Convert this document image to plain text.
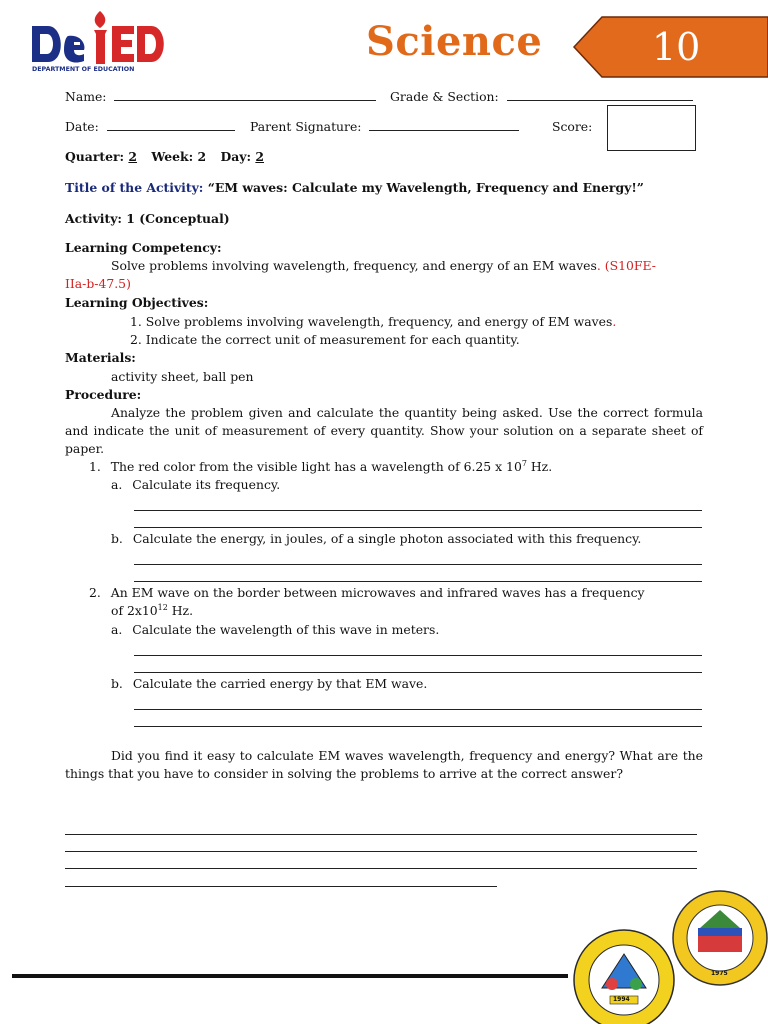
DEPARTMENT OF EDUCATION
Science	10
Name:	Grade & Section:
Date:	Parent Signature:	Score:
Quarter: 2 Week: 2 Day: 2
Title of the Activity: “EM waves: Calculate my Wavelength, Frequency and Energy!”
Activity: 1 (Conceptual)
Learning Competency:
Solve problems involving wavelength, frequency, and energy of an EM waves. (S10FE-
IIa-b-47.5)
Learning Objectives:
1. Solve problems involving wavelength, frequency, and energy of EM waves.
2. Indicate the correct unit of measurement for each quantity.
Materials:
activity sheet, ball pen
Procedure:
Analyze the problem given and calculate the quantity being asked. Use the correct formula and indicate the unit of measurement of every quantity. Show your solution on a separate sheet of paper.
1. The red color from the visible light has a wavelength of 6.25 x $10^7$ Hz.
a. Calculate its frequency.
b. Calculate the energy, in joules, of a single photon associated with this frequency.
2. An EM wave on the border between microwaves and infrared waves has a frequency
of $2x10^{12}$ Hz.
a. Calculate the wavelength of this wave in meters.
b. Calculate the carried energy by that EM wave.
Did you find it easy to calculate EM waves wavelength, frequency and energy? What are the things that you have to consider in solving the problems to arrive at the correct answer?
1994
1975
